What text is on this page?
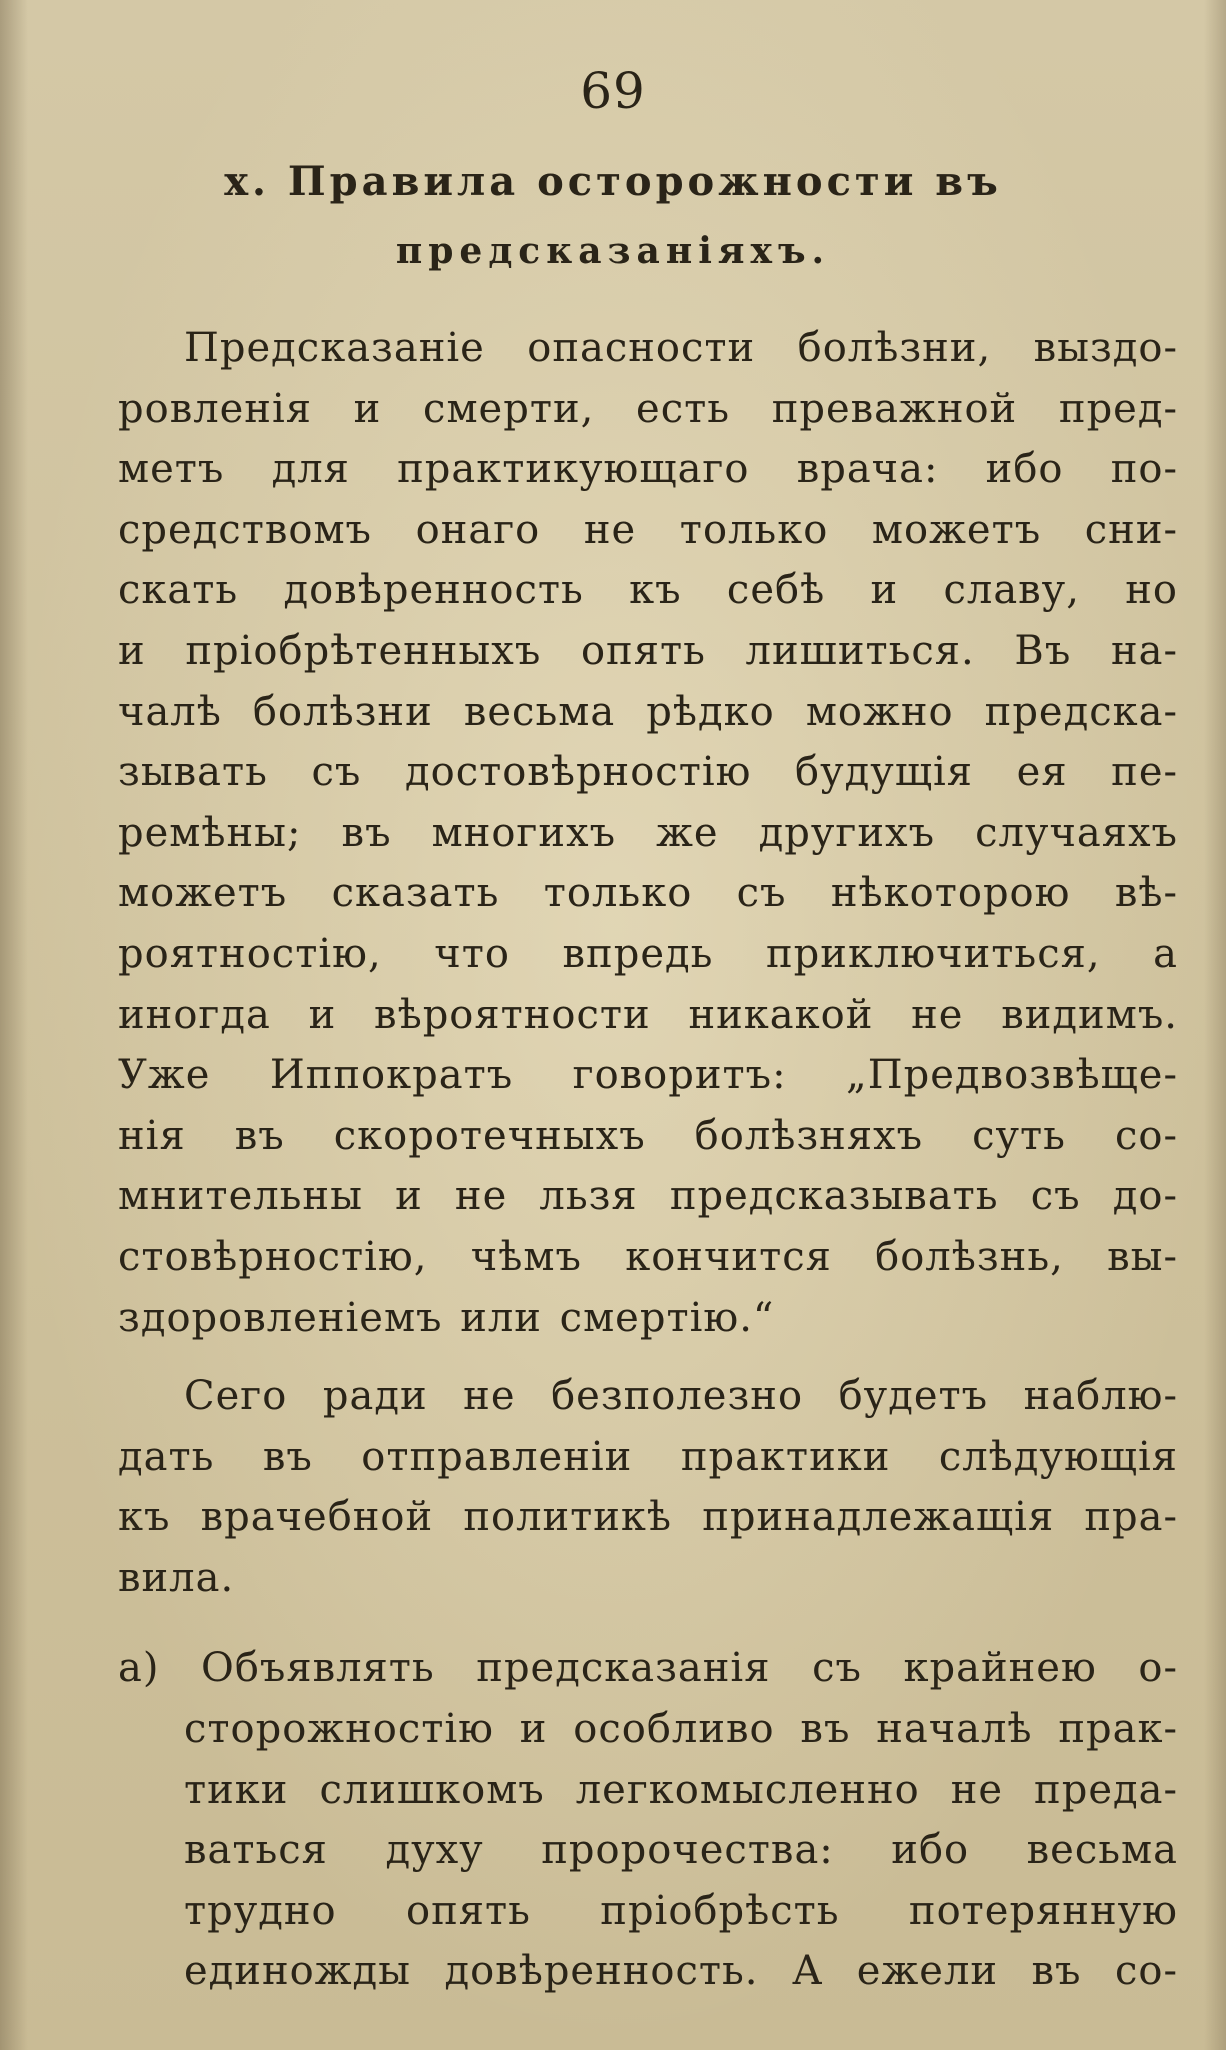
69
x. Правила осторожности въ
предсказаніяхъ.
Предсказаніе опасности болѣзни, выздо-
ровленія и смерти, есть преважной пред-
метъ для практикующаго врача: ибо по-
средствомъ онаго не только можетъ сни-
скать довѣренность къ себѣ и славу, но
и пріобрѣтенныхъ опять лишиться. Въ на-
чалѣ болѣзни весьма рѣдко можно предска-
зывать съ достовѣрностію будущія ея пе-
ремѣны; въ многихъ же другихъ случаяхъ
можетъ сказать только съ нѣкоторою вѣ-
роятностію, что впредь приключиться, а
иногда и вѣроятности никакой не видимъ.
Уже Иппократъ говоритъ: „Предвозвѣще-
нія въ скоротечныхъ болѣзняхъ суть со-
мнительны и не льзя предсказывать съ до-
стовѣрностію, чѣмъ кончится болѣзнь, вы-
здоровленіемъ или смертію.“
Сего ради не безполезно будетъ наблю-
дать въ отправленіи практики слѣдующія
къ врачебной политикѣ принадлежащія пра-
вила.
а) Объявлять предсказанія съ крайнею о-
сторожностію и особливо въ началѣ прак-
тики слишкомъ легкомысленно не преда-
ваться духу пророчества: ибо весьма
трудно опять пріобрѣсть потерянную
единожды довѣренность. А ежели въ со-
